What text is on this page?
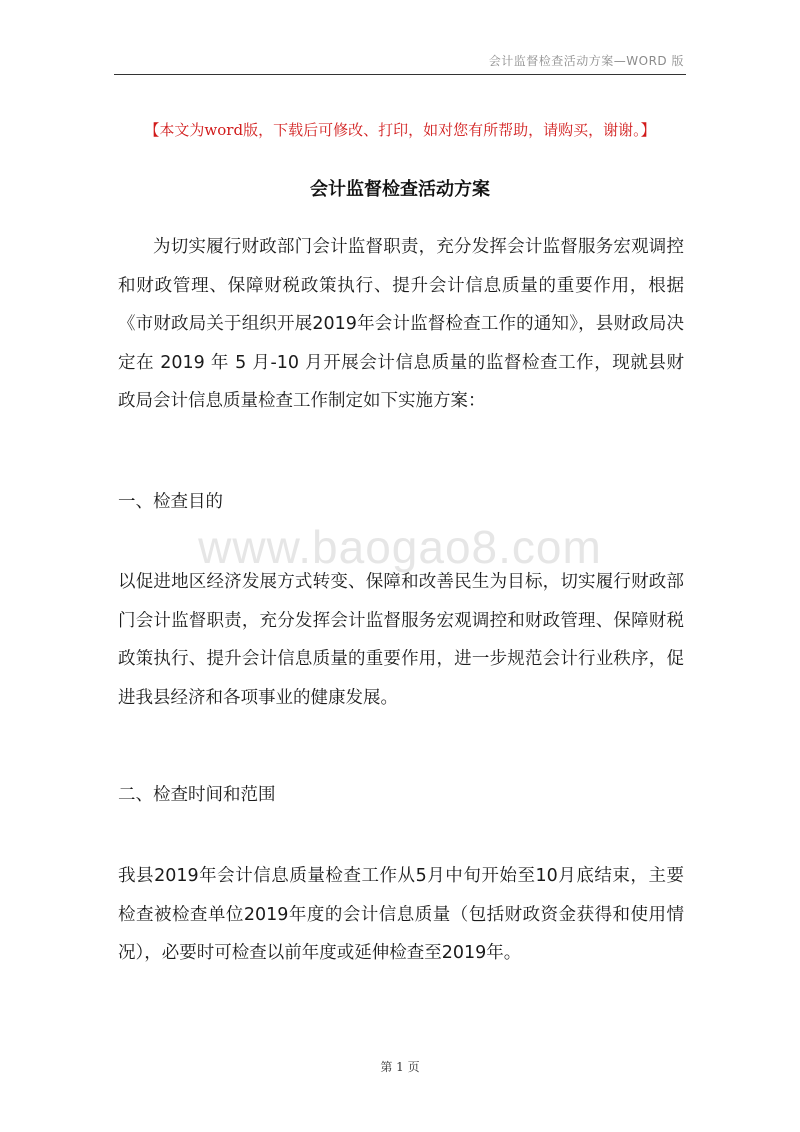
会计监督检查活动方案—WORD 版
【本文为word版，下载后可修改、打印，如对您有所帮助，请购买，谢谢。】
会计监督检查活动方案

为切实履行财政部门会计监督职责，充分发挥会计监督服务宏观调控和财政管理、保障财税政策执行、提升会计信息质量的重要作用，根据《市财政局关于组织开展2019年会计监督检查工作的通知》，县财政局决定在 2019 年 5 月-10 月开展会计信息质量的监督检查工作，现就县财政局会计信息质量检查工作制定如下实施方案：

一、检查目的

www.baogao8.com

以促进地区经济发展方式转变、保障和改善民生为目标，切实履行财政部门会计监督职责，充分发挥会计监督服务宏观调控和财政管理、保障财税政策执行、提升会计信息质量的重要作用，进一步规范会计行业秩序，促进我县经济和各项事业的健康发展。

二、检查时间和范围

我县2019年会计信息质量检查工作从5月中旬开始至10月底结束，主要检查被检查单位2019年度的会计信息质量（包括财政资金获得和使用情况），必要时可检查以前年度或延伸检查至2019年。

第 1 页
